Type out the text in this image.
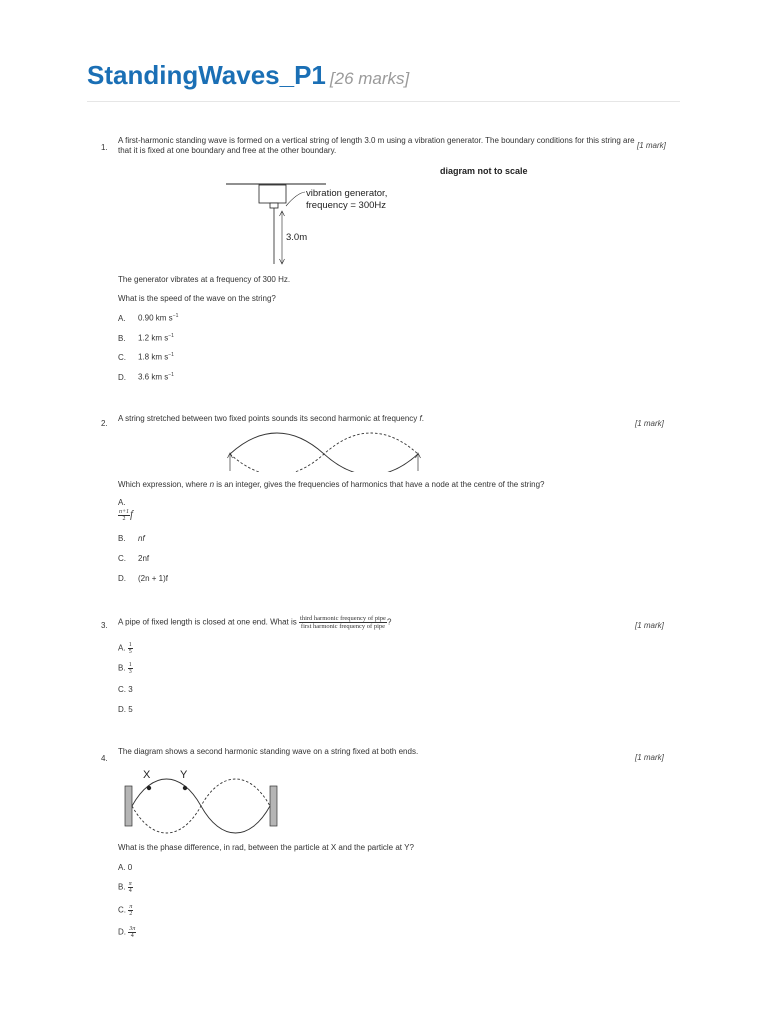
StandingWaves_P1 [26 marks]
1.
A first-harmonic standing wave is formed on a vertical string of length 3.0 m using a vibration generator. The boundary conditions for this string are that it is fixed at one boundary and free at the other boundary.
[1 mark]
diagram not to scale
vibration generator,
frequency = 300Hz
3.0m
The generator vibrates at a frequency of 300 Hz.
What is the speed of the wave on the string?
A. 0.90 km $s^{-1}$
B. 1.2 km $s^{-1}$
C. 1.8 km $s^{-1}$
D. 3.6 km $s^{-1}$
2.
A string stretched between two fixed points sounds its second harmonic at frequency f.
[1 mark]
Which expression, where n is an integer, gives the frequencies of harmonics that have a node at the centre of the string?
A.
$\frac{n+1}{2}$ f
B. nf
C. 2nf
D. (2n + 1)f
3. A pipe of fixed length is closed at one end. What is $\frac{\text{third harmonic frequency of pipe}}{\text{first harmonic frequency of pipe}}$ ?	[1 mark]
A. $\frac{1}{5}$
B. $\frac{1}{3}$
C. 3
D. 5
4.
The diagram shows a second harmonic standing wave on a string fixed at both ends.
[1 mark]
X	Y
What is the phase difference, in rad, between the particle at X and the particle at Y?
A. 0
B. $\frac{\pi}{4}$
C. $\frac{\pi}{2}$
D. $\frac{3\pi}{4}$
